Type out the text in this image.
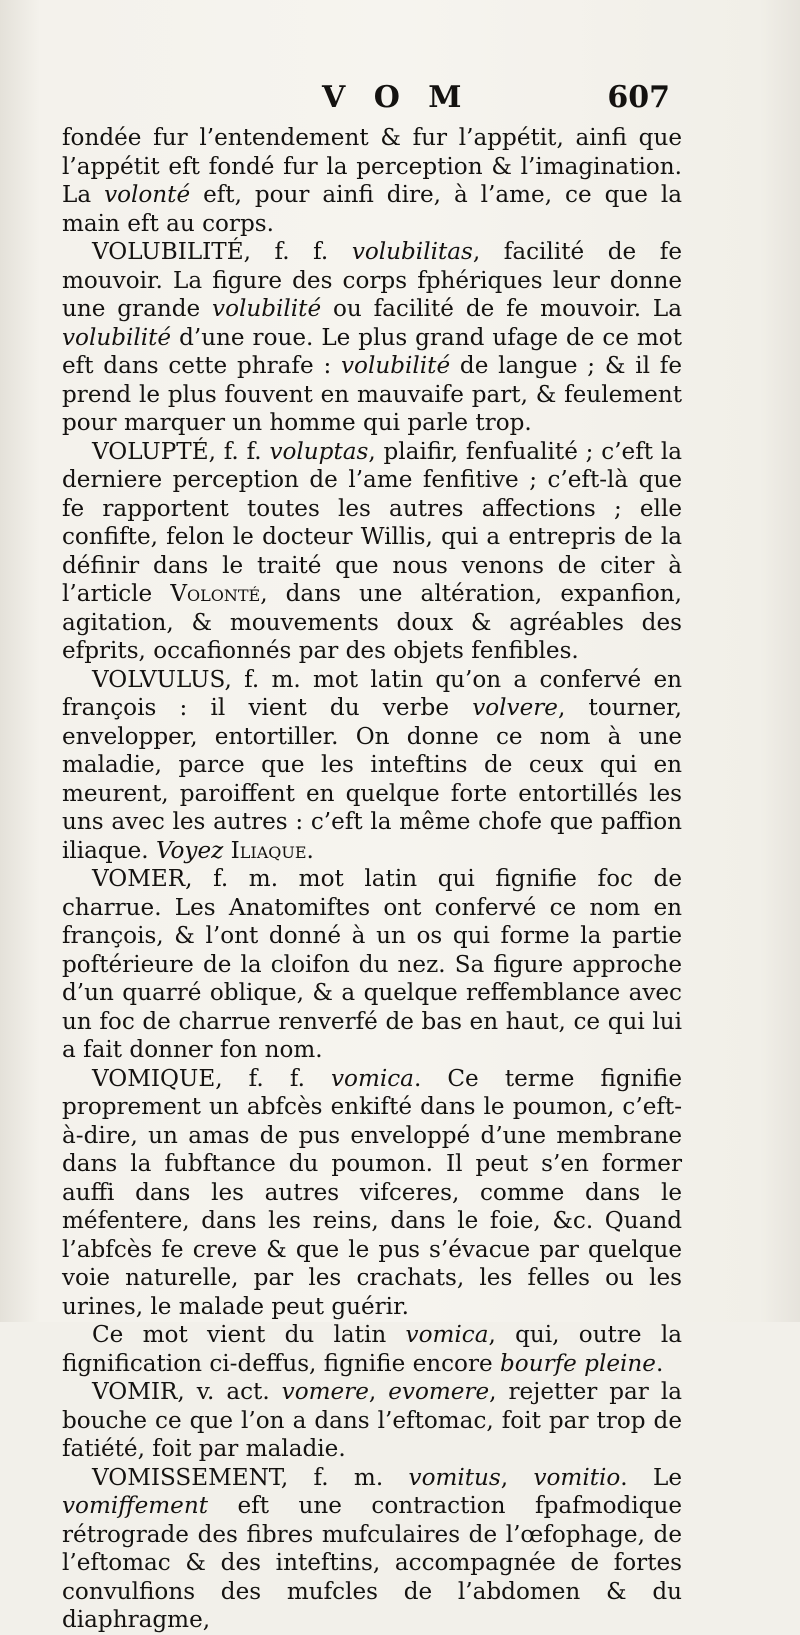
V O M	607

fondée fur l’entendement & fur l’appétit, ainfi que l’appétit eft fondé fur la perception & l’imagination. La volonté eft, pour ainfi dire, à l’ame, ce que la main eft au corps.

VOLUBILITÉ, f. f. volubilitas, facilité de fe mouvoir. La figure des corps fphériques leur donne une grande volubilité ou facilité de fe mouvoir. La volubilité d’une roue. Le plus grand ufage de ce mot eft dans cette phrafe : volubilité de langue ; & il fe prend le plus fouvent en mauvaife part, & feulement pour marquer un homme qui parle trop.

VOLUPTÉ, f. f. voluptas, plaifir, fenfualité ; c’eft la derniere perception de l’ame fenfitive ; c’eft-là que fe rapportent toutes les autres affections ; elle confifte, felon le docteur Willis, qui a entrepris de la définir dans le traité que nous venons de citer à l’article Volonté, dans une altération, expanfion, agitation, & mouvements doux & agréables des efprits, occafionnés par des objets fenfibles.

VOLVULUS, f. m. mot latin qu’on a confervé en françois : il vient du verbe volvere, tourner, envelopper, entortiller. On donne ce nom à une maladie, parce que les inteftins de ceux qui en meurent, paroiffent en quelque forte entortillés les uns avec les autres : c’eft la même chofe que paffion iliaque. Voyez Iliaque.

VOMER, f. m. mot latin qui fignifie foc de charrue. Les Anatomiftes ont confervé ce nom en françois, & l’ont donné à un os qui forme la partie poftérieure de la cloifon du nez. Sa figure approche d’un quarré oblique, & a quelque reffemblance avec un foc de charrue renverfé de bas en haut, ce qui lui a fait donner fon nom.

VOMIQUE, f. f. vomica. Ce terme fignifie proprement un abfcès enkifté dans le poumon, c’eft-à-dire, un amas de pus enveloppé d’une membrane dans la fubftance du poumon. Il peut s’en former auffi dans les autres vifceres, comme dans le méfentere, dans les reins, dans le foie, &c. Quand l’abfcès fe creve & que le pus s’évacue par quelque voie naturelle, par les crachats, les felles ou les urines, le malade peut guérir.

Ce mot vient du latin vomica, qui, outre la fignification ci-deffus, fignifie encore bourfe pleine.

VOMIR, v. act. vomere, evomere, rejetter par la bouche ce que l’on a dans l’eftomac, foit par trop de fatiété, foit par maladie.

VOMISSEMENT, f. m. vomitus, vomitio. Le vomiffement eft une contraction fpafmodique rétrograde des fibres mufculaires de l’œfophage, de l’eftomac & des inteftins, accompagnée de fortes convulfions des mufcles de l’abdomen & du diaphragme,
